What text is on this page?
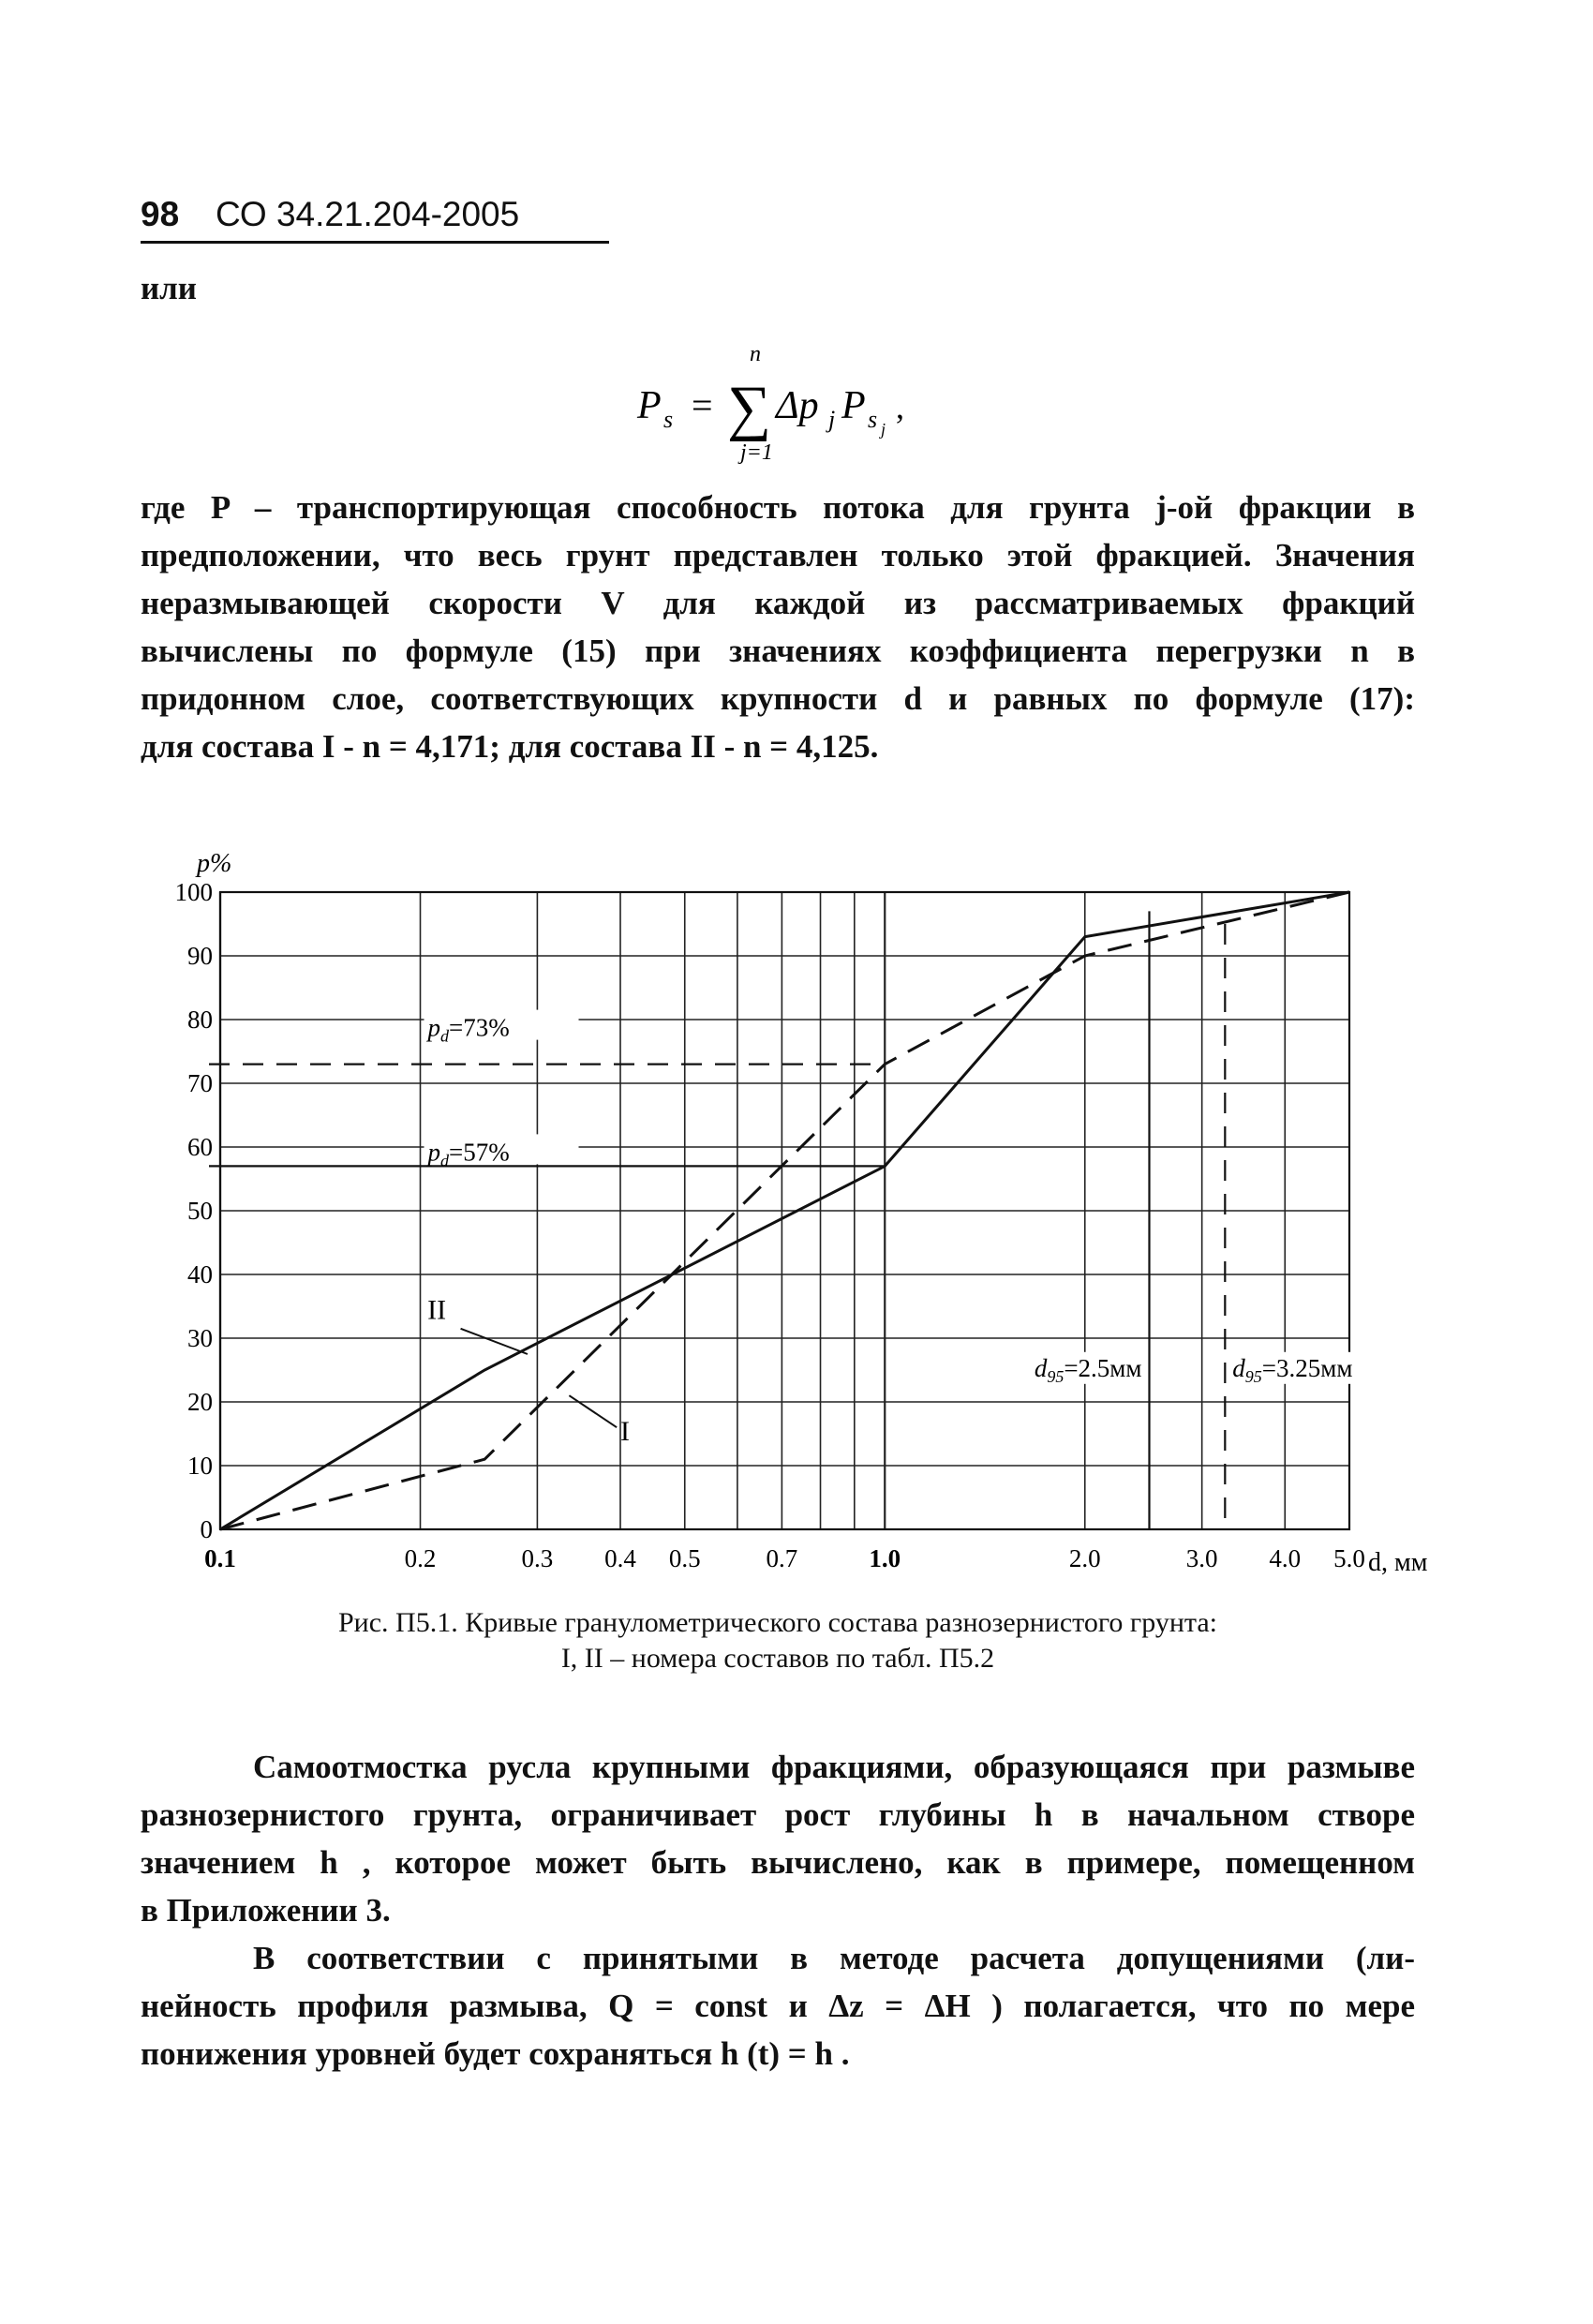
98 СО 34.21.204-2005
или
P s =
n
∑
j=1
Δp j P s j
,
где P – транспортирующая способность потока для грунта j-ой фракции в
предположении, что весь грунт представлен только этой фракцией. Значения
неразмывающей скорости V для каждой из рассматриваемых фракций
вычислены по формуле (15) при значениях коэффициента перегрузки n в
придонном слое, соответствующих крупности d и равных по формуле (17):
для состава I - n = 4,171; для состава II - n = 4,125.
p%
d, мм
0
10
20
30
40
50
60
70
80
90
100
0.1	0.2	0.3 0.4 0.5	0.7	1.0	2.0	3.0 4.0 5.0
$p_d=73\%$
$p_d=57\%$
$d_{95}=2.5мм$	$d_{95}=3.25мм$
II
I
Рис. П5.1. Кривые гранулометрического состава разнозернистого грунта:
I, II – номера составов по табл. П5.2
Самоотмостка русла крупными фракциями, образующаяся при размыве
разнозернистого грунта, ограничивает рост глубины h в начальном створе
значением h , которое может быть вычислено, как в примере, помещенном
в Приложении 3.
В соответствии с принятыми в методе расчета допущениями (ли-
нейность профиля размыва, Q = const и Δz = ΔH ) полагается, что по мере
понижения уровней будет сохраняться h (t) = h .
